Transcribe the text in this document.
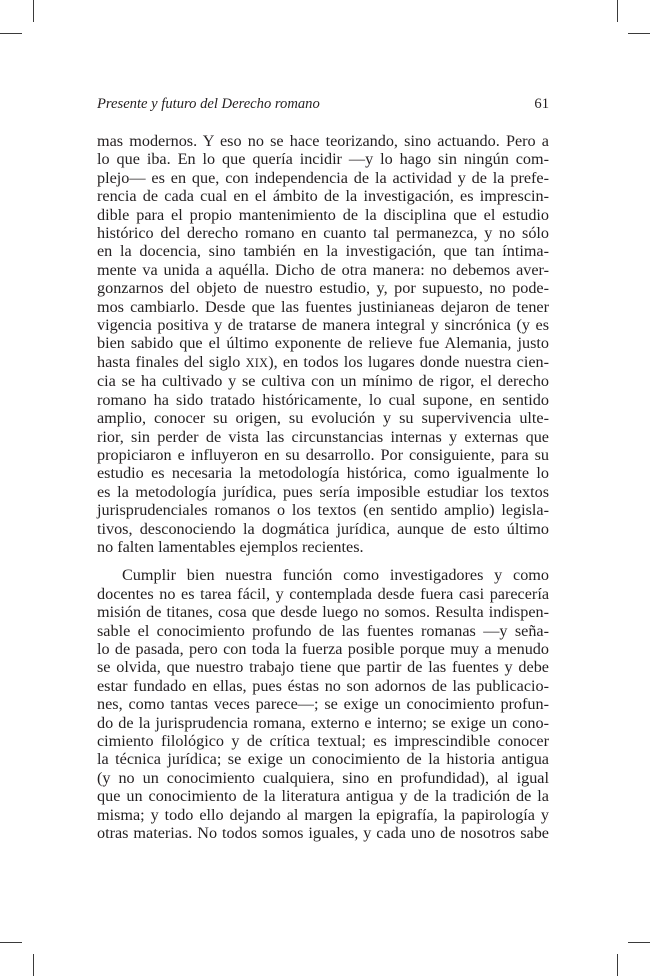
Presente y futuro del Derecho romano	61
mas modernos. Y eso no se hace teorizando, sino actuando. Pero a
lo que iba. En lo que quería incidir —y lo hago sin ningún com-
plejo— es en que, con independencia de la actividad y de la prefe-
rencia de cada cual en el ámbito de la investigación, es imprescin-
dible para el propio mantenimiento de la disciplina que el estudio
histórico del derecho romano en cuanto tal permanezca, y no sólo
en la docencia, sino también en la investigación, que tan íntima-
mente va unida a aquélla. Dicho de otra manera: no debemos aver-
gonzarnos del objeto de nuestro estudio, y, por supuesto, no pode-
mos cambiarlo. Desde que las fuentes justinianeas dejaron de tener
vigencia positiva y de tratarse de manera integral y sincrónica (y es
bien sabido que el último exponente de relieve fue Alemania, justo
hasta finales del siglo XIX), en todos los lugares donde nuestra cien-
cia se ha cultivado y se cultiva con un mínimo de rigor, el derecho
romano ha sido tratado históricamente, lo cual supone, en sentido
amplio, conocer su origen, su evolución y su supervivencia ulte-
rior, sin perder de vista las circunstancias internas y externas que
propiciaron e influyeron en su desarrollo. Por consiguiente, para su
estudio es necesaria la metodología histórica, como igualmente lo
es la metodología jurídica, pues sería imposible estudiar los textos
jurisprudenciales romanos o los textos (en sentido amplio) legisla-
tivos, desconociendo la dogmática jurídica, aunque de esto último
no falten lamentables ejemplos recientes.
Cumplir bien nuestra función como investigadores y como
docentes no es tarea fácil, y contemplada desde fuera casi parecería
misión de titanes, cosa que desde luego no somos. Resulta indispen-
sable el conocimiento profundo de las fuentes romanas —y seña-
lo de pasada, pero con toda la fuerza posible porque muy a menudo
se olvida, que nuestro trabajo tiene que partir de las fuentes y debe
estar fundado en ellas, pues éstas no son adornos de las publicacio-
nes, como tantas veces parece—; se exige un conocimiento profun-
do de la jurisprudencia romana, externo e interno; se exige un cono-
cimiento filológico y de crítica textual; es imprescindible conocer
la técnica jurídica; se exige un conocimiento de la historia antigua
(y no un conocimiento cualquiera, sino en profundidad), al igual
que un conocimiento de la literatura antigua y de la tradición de la
misma; y todo ello dejando al margen la epigrafía, la papirología y
otras materias. No todos somos iguales, y cada uno de nosotros sabe
